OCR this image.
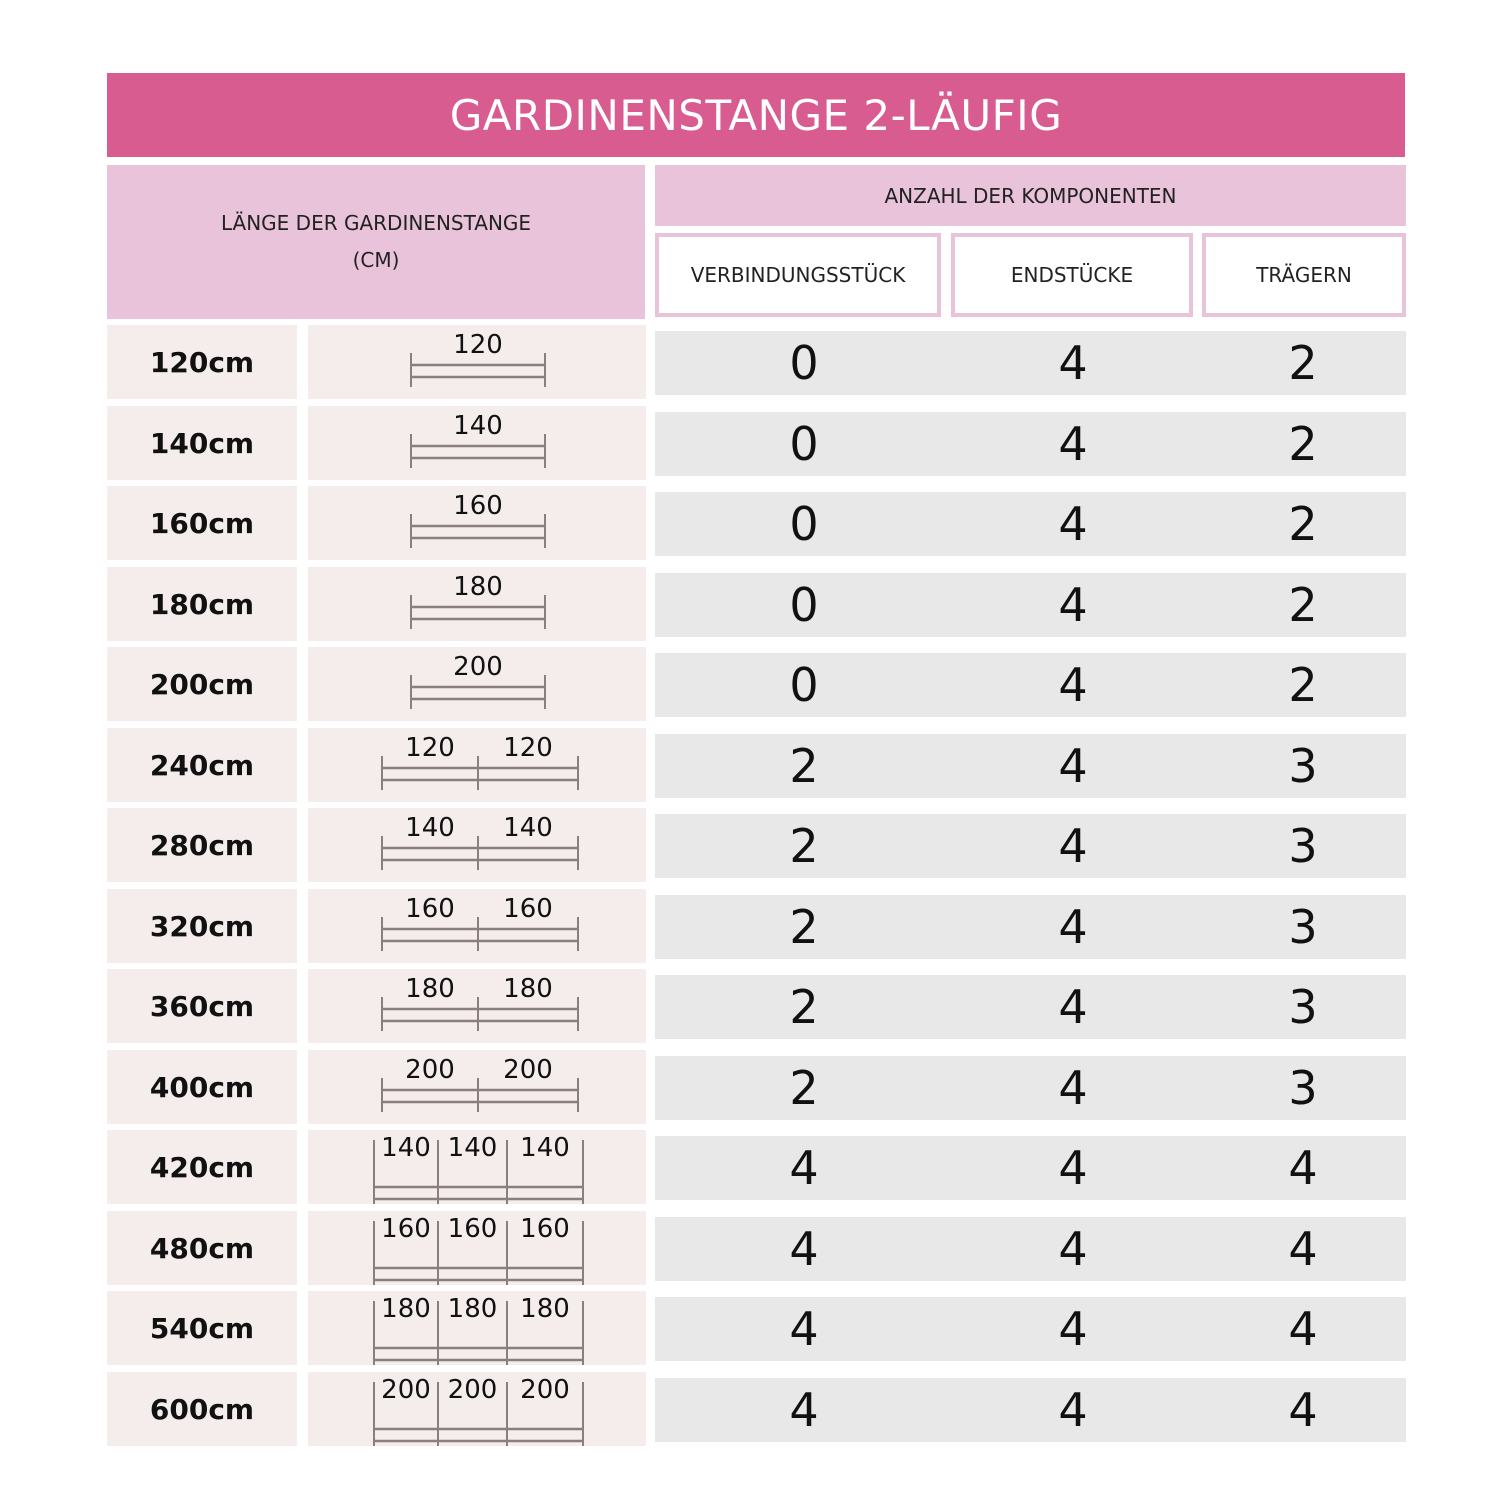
GARDINENSTANGE 2-LÄUFIG
LÄNGE DER GARDINENSTANGE
(CM)
ANZAHL DER KOMPONENTEN
VERBINDUNGSSTÜCK	ENDSTÜCKE	TRÄGERN
120cm
120	0	4	2
140cm
140	0	4	2
160cm
160	0	4	2
180cm
180	0	4	2
200cm
200	0	4	2
240cm
120 120	2	4	3
280cm
140 140	2	4	3
320cm
160 160	2	4	3
360cm
180 180	2	4	3
400cm
200 200	2	4	3
420cm
140 140 140	4	4	4
480cm
160 160 160	4	4	4
540cm
180 180 180	4	4	4
600cm
200 200 200	4	4	4
